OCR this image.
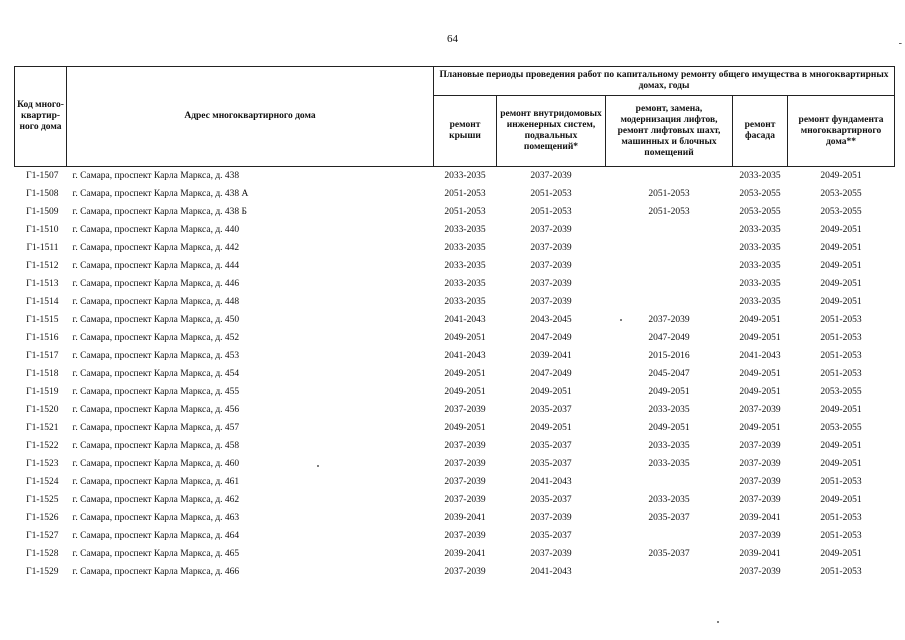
64	-
Код много-квартир-ного дома	Адрес многоквартирного дома	Плановые периоды проведения работ по капитальному ремонту общего имущества в многоквартирных домах, годы				
		ремонт крыши	ремонт внутридомовых инженерных систем, подвальных помещений*	ремонт, замена, модернизация лифтов, ремонт лифтовых шахт, машинных и блочных помещений	ремонт фасада	ремонт фундамента многоквартирного дома**
Г1-1507	г. Самара, проспект Карла Маркса, д. 438	2033-2035	2037-2039		2033-2035	2049-2051
Г1-1508	г. Самара, проспект Карла Маркса, д. 438 А	2051-2053	2051-2053	2051-2053	2053-2055	2053-2055
Г1-1509	г. Самара, проспект Карла Маркса, д. 438 Б	2051-2053	2051-2053	2051-2053	2053-2055	2053-2055
Г1-1510	г. Самара, проспект Карла Маркса, д. 440	2033-2035	2037-2039		2033-2035	2049-2051
Г1-1511	г. Самара, проспект Карла Маркса, д. 442	2033-2035	2037-2039		2033-2035	2049-2051
Г1-1512	г. Самара, проспект Карла Маркса, д. 444	2033-2035	2037-2039		2033-2035	2049-2051
Г1-1513	г. Самара, проспект Карла Маркса, д. 446	2033-2035	2037-2039		2033-2035	2049-2051
Г1-1514	г. Самара, проспект Карла Маркса, д. 448	2033-2035	2037-2039		2033-2035	2049-2051
Г1-1515	г. Самара, проспект Карла Маркса, д. 450	2041-2043	2043-2045	2037-2039	2049-2051	2051-2053
Г1-1516	г. Самара, проспект Карла Маркса, д. 452	2049-2051	2047-2049	2047-2049	2049-2051	2051-2053
Г1-1517	г. Самара, проспект Карла Маркса, д. 453	2041-2043	2039-2041	2015-2016	2041-2043	2051-2053
Г1-1518	г. Самара, проспект Карла Маркса, д. 454	2049-2051	2047-2049	2045-2047	2049-2051	2051-2053
Г1-1519	г. Самара, проспект Карла Маркса, д. 455	2049-2051	2049-2051	2049-2051	2049-2051	2053-2055
Г1-1520	г. Самара, проспект Карла Маркса, д. 456	2037-2039	2035-2037	2033-2035	2037-2039	2049-2051
Г1-1521	г. Самара, проспект Карла Маркса, д. 457	2049-2051	2049-2051	2049-2051	2049-2051	2053-2055
Г1-1522	г. Самара, проспект Карла Маркса, д. 458	2037-2039	2035-2037	2033-2035	2037-2039	2049-2051
Г1-1523	г. Самара, проспект Карла Маркса, д. 460	2037-2039	2035-2037	2033-2035	2037-2039	2049-2051
Г1-1524	г. Самара, проспект Карла Маркса, д. 461	2037-2039	2041-2043		2037-2039	2051-2053
Г1-1525	г. Самара, проспект Карла Маркса, д. 462	2037-2039	2035-2037	2033-2035	2037-2039	2049-2051
Г1-1526	г. Самара, проспект Карла Маркса, д. 463	2039-2041	2037-2039	2035-2037	2039-2041	2051-2053
Г1-1527	г. Самара, проспект Карла Маркса, д. 464	2037-2039	2035-2037		2037-2039	2051-2053
Г1-1528	г. Самара, проспект Карла Маркса, д. 465	2039-2041	2037-2039	2035-2037	2039-2041	2049-2051
Г1-1529	г. Самара, проспект Карла Маркса, д. 466	2037-2039	2041-2043		2037-2039	2051-2053
